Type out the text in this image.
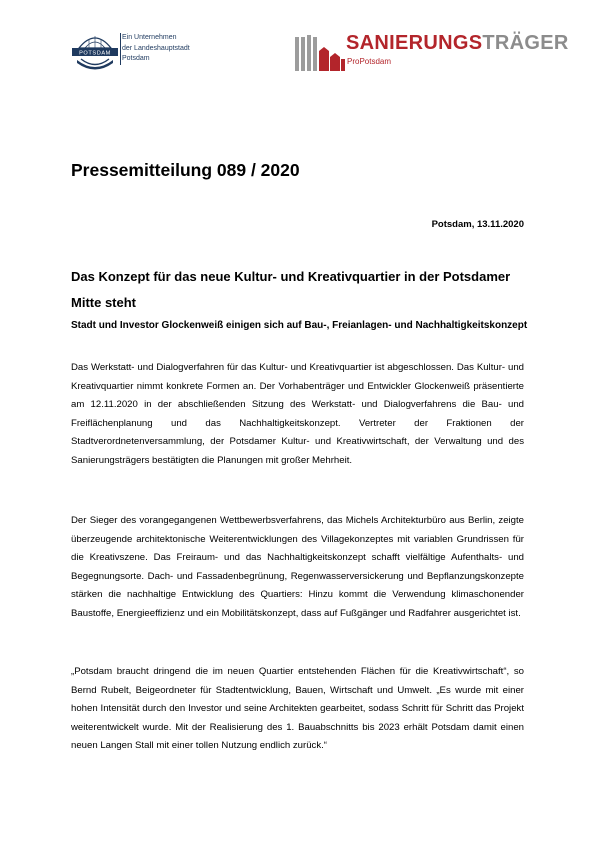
POTSDAM
Ein Unternehmen
der Landeshauptstadt
Potsdam
SANIERUNGSTRÄGER
ProPotsdam
Pressemitteilung 089 / 2020
Potsdam, 13.11.2020
Das Konzept für das neue Kultur- und Kreativquartier in der Potsdamer Mitte steht
Stadt und Investor Glockenweiß einigen sich auf Bau-, Freianlagen- und Nachhaltigkeitskonzept

Das Werkstatt- und Dialogverfahren für das Kultur- und Kreativquartier ist abgeschlossen. Das Kultur- und Kreativquartier nimmt konkrete Formen an. Der Vorhabenträger und Entwickler Glockenweiß präsentierte am 12.11.2020 in der abschließenden Sitzung des Werkstatt- und Dialogverfahrens die Bau- und Freiflächenplanung und das Nachhaltigkeitskonzept. Vertreter der Fraktionen der Stadtverordnetenversammlung, der Potsdamer Kultur- und Kreativwirtschaft, der Verwaltung und des Sanierungsträgers bestätigten die Planungen mit großer Mehrheit.

Der Sieger des vorangegangenen Wettbewerbsverfahrens, das Michels Architekturbüro aus Berlin, zeigte überzeugende architektonische Weiterentwicklungen des Villagekonzeptes mit variablen Grundrissen für die Kreativszene. Das Freiraum- und das Nachhaltigkeitskonzept schafft vielfältige Aufenthalts- und Begegnungsorte. Dach- und Fassadenbegrünung, Regenwasserversickerung und Bepflanzungskonzepte stärken die nachhaltige Entwicklung des Quartiers: Hinzu kommt die Verwendung klimaschonender Baustoffe, Energieeffizienz und ein Mobilitätskonzept, dass auf Fußgänger und Radfahrer ausgerichtet ist.

„Potsdam braucht dringend die im neuen Quartier entstehenden Flächen für die Kreativwirtschaft“, so Bernd Rubelt, Beigeordneter für Stadtentwicklung, Bauen, Wirtschaft und Umwelt. „Es wurde mit einer hohen Intensität durch den Investor und seine Architekten gearbeitet, sodass Schritt für Schritt das Projekt weiterentwickelt wurde. Mit der Realisierung des 1. Bauabschnitts bis 2023 erhält Potsdam damit einen neuen Langen Stall mit einer tollen Nutzung endlich zurück.“
